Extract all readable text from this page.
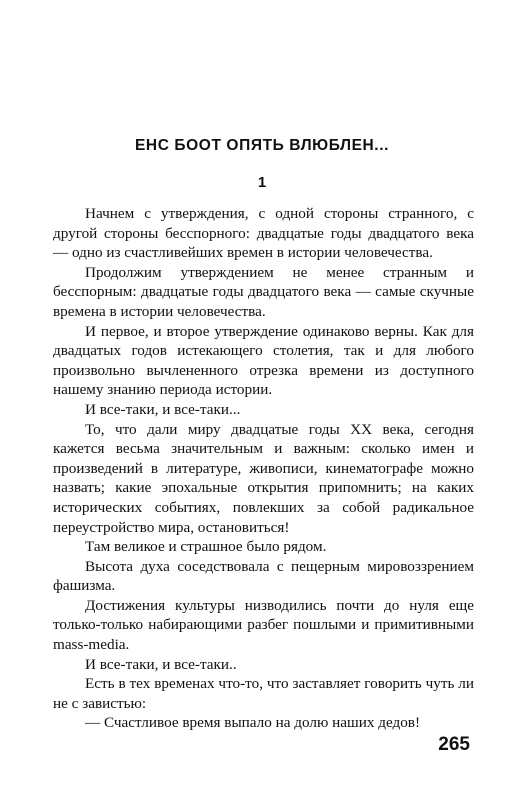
ЕНС БООТ ОПЯТЬ ВЛЮБЛЕН...
1

Начнем с утверждения, с одной стороны странного, с другой стороны бесспорного: двадцатые годы двадцатого века — одно из счастливейших времен в истории человечества.

Продолжим утверждением не менее странным и бесспорным: двадцатые годы двадцатого века — самые скучные времена в истории человечества.

И первое, и второе утверждение одинаково верны. Как для двадцатых годов истекающего столетия, так и для любого произвольно вычлененного отрезка времени из доступного нашему знанию периода истории.

И все-таки, и все-таки...

То, что дали миру двадцатые годы XX века, сегодня кажется весьма значительным и важным: сколько имен и произведений в литературе, живописи, кинематографе можно назвать; какие эпохальные открытия припомнить; на каких исторических событиях, повлекших за собой радикальное переустройство мира, остановиться!

Там великое и страшное было рядом.

Высота духа соседствовала с пещерным мировоззрением фашизма.

Достижения культуры низводились почти до нуля еще только-только набирающими разбег пошлыми и примитивными mass-media.

И все-таки, и все-таки..

Есть в тех временах что-то, что заставляет говорить чуть ли не с завистью:

— Счастливое время выпало на долю наших дедов!

265
